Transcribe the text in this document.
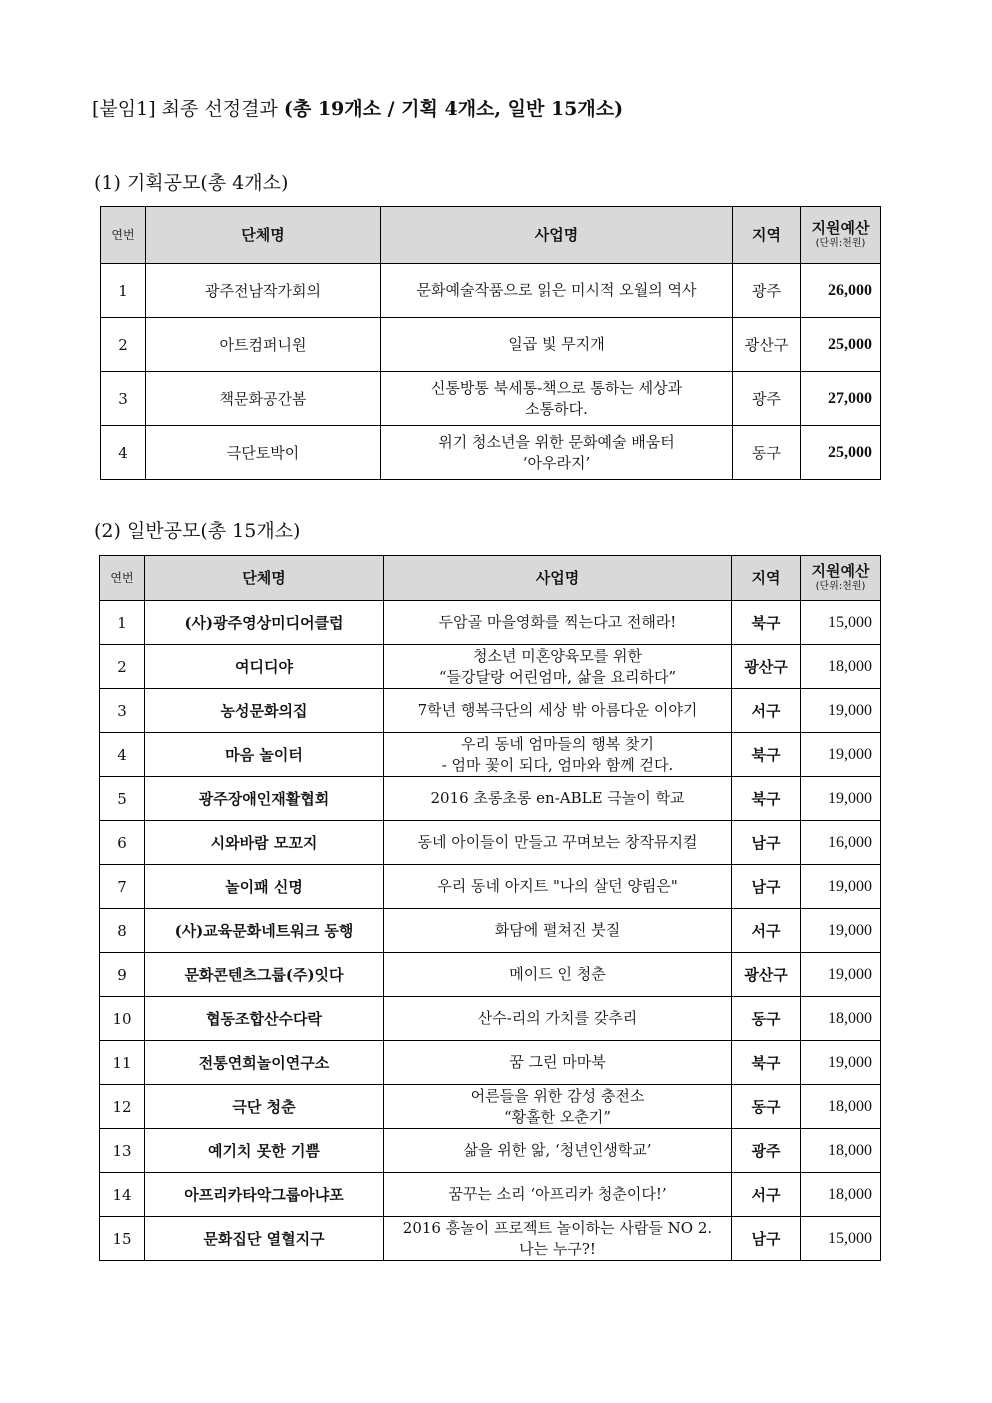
[붙임1] 최종 선정결과 (총 19개소 / 기획 4개소, 일반 15개소)
(1) 기획공모(총 4개소)
연번	단체명	사업명	지역	지원예산
(단위:천원)

1	광주전남작가회의	문화예술작품으로 읽은 미시적 오월의 역사	광주	26,000
2	아트컴퍼니원	일곱 빛 무지개	광산구	25,000
3	책문화공간봄	신통방통 북세통-책으로 통하는 세상과
소통하다.	광주	27,000
4	극단토박이	위기 청소년을 위한 문화예술 배움터
‘아우라지’	동구	25,000
(2) 일반공모(총 15개소)
연번	단체명	사업명	지역	지원예산
(단위:천원)

1	(사)광주영상미디어클럽	두암골 마을영화를 찍는다고 전해라!	북구	15,000
2	여디디야	청소년 미혼양육모를 위한
“들강달랑 어린엄마, 삶을 요리하다”	광산구	18,000
3	농성문화의집	7학년 행복극단의 세상 밖 아름다운 이야기	서구	19,000
4	마음 놀이터	우리 동네 엄마들의 행복 찾기
- 엄마 꽃이 되다, 엄마와 함께 걷다.	북구	19,000
5	광주장애인재활협회	2016 초롱초롱 en-ABLE 극놀이 학교	북구	19,000
6	시와바람 모꼬지	동네 아이들이 만들고 꾸며보는 창작뮤지컬	남구	16,000
7	놀이패 신명	우리 동네 아지트 "나의 살던 양림은"	남구	19,000
8	(사)교육문화네트워크 동행	화담에 펼쳐진 붓질	서구	19,000
9	문화콘텐츠그룹(주)잇다	메이드 인 청춘	광산구	19,000
10	협동조합산수다락	산수-리의 가치를 갖추리	동구	18,000
11	전통연희놀이연구소	꿈 그린 마마북	북구	19,000
12	극단 청춘	어른들을 위한 감성 충전소
“황홀한 오춘기”	동구	18,000
13	예기치 못한 기쁨	삶을 위한 앎, ‘청년인생학교’	광주	18,000
14	아프리카타악그룹아냐포	꿈꾸는 소리 ‘아프리카 청춘이다!’	서구	18,000
15	문화집단 열혈지구	2016 흥놀이 프로젝트 놀이하는 사람들 NO 2.
나는 누구?!	남구	15,000
